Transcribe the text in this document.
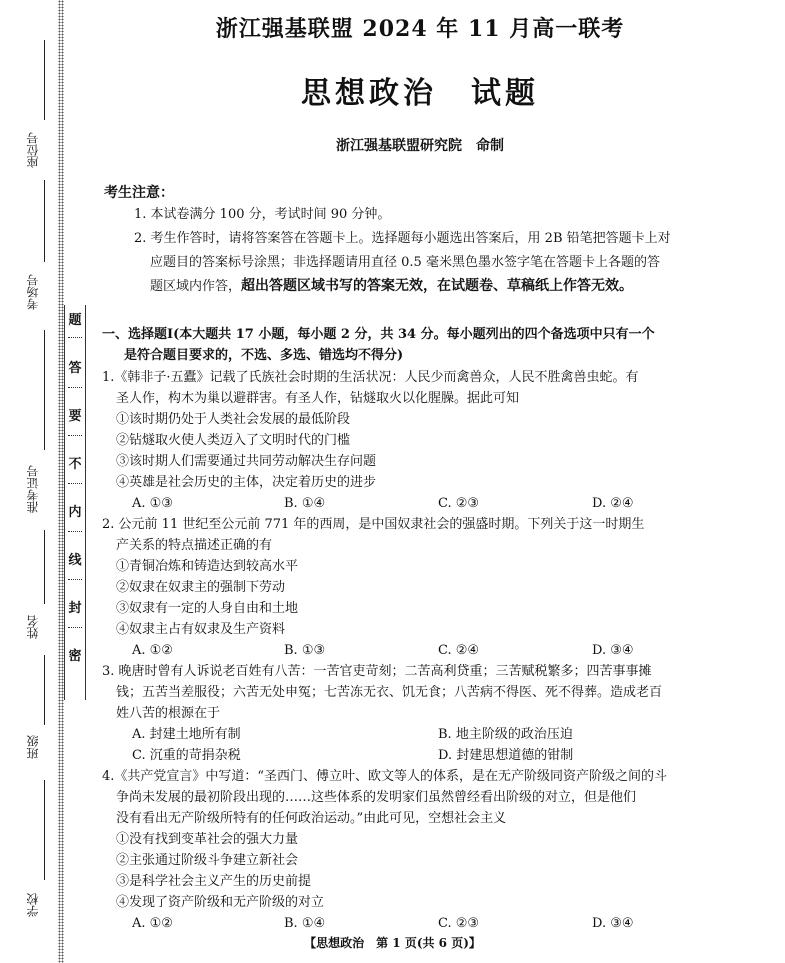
座位号
考场号
准考证号
姓名
班级
学校
题
答
要
不
内
线
封
密
浙江强基联盟 2024 年 11 月高一联考
思想政治　试题
浙江强基联盟研究院　命制
考生注意：
1. 本试卷满分 100 分，考试时间 90 分钟。
2. 考生作答时，请将答案答在答题卡上。选择题每小题选出答案后，用 2B 铅笔把答题卡上对
应题目的答案标号涂黑；非选择题请用直径 0.5 毫米黑色墨水签字笔在答题卡上各题的答
题区域内作答，超出答题区域书写的答案无效，在试题卷、草稿纸上作答无效。
一、选择题Ⅰ(本大题共 17 小题，每小题 2 分，共 34 分。每小题列出的四个备选项中只有一个
是符合题目要求的，不选、多选、错选均不得分)
1.《韩非子·五蠹》记载了氏族社会时期的生活状况：人民少而禽兽众，人民不胜禽兽虫蛇。有
圣人作，构木为巢以避群害。有圣人作，钻燧取火以化腥臊。据此可知
①该时期仍处于人类社会发展的最低阶段
②钻燧取火使人类迈入了文明时代的门槛
③该时期人们需要通过共同劳动解决生存问题
④英雄是社会历史的主体，决定着历史的进步
A. ①③	B. ①④	C. ②③	D. ②④
2. 公元前 11 世纪至公元前 771 年的西周，是中国奴隶社会的强盛时期。下列关于这一时期生
产关系的特点描述正确的有
①青铜冶炼和铸造达到较高水平
②奴隶在奴隶主的强制下劳动
③奴隶有一定的人身自由和土地
④奴隶主占有奴隶及生产资料
A. ①②	B. ①③	C. ②④	D. ③④
3. 晚唐时曾有人诉说老百姓有八苦：一苦官吏苛刻；二苦高利贷重；三苦赋税繁多；四苦事事摊
钱；五苦当差服役；六苦无处申冤；七苦冻无衣、饥无食；八苦病不得医、死不得葬。造成老百
姓八苦的根源在于
A. 封建土地所有制	B. 地主阶级的政治压迫
C. 沉重的苛捐杂税	D. 封建思想道德的钳制
4.《共产党宣言》中写道：“圣西门、傅立叶、欧文等人的体系，是在无产阶级同资产阶级之间的斗
争尚未发展的最初阶段出现的……这些体系的发明家们虽然曾经看出阶级的对立，但是他们
没有看出无产阶级所特有的任何政治运动。”由此可见，空想社会主义
①没有找到变革社会的强大力量
②主张通过阶级斗争建立新社会
③是科学社会主义产生的历史前提
④发现了资产阶级和无产阶级的对立
A. ①②	B. ①④	C. ②③	D. ③④
【思想政治　第 1 页(共 6 页)】
